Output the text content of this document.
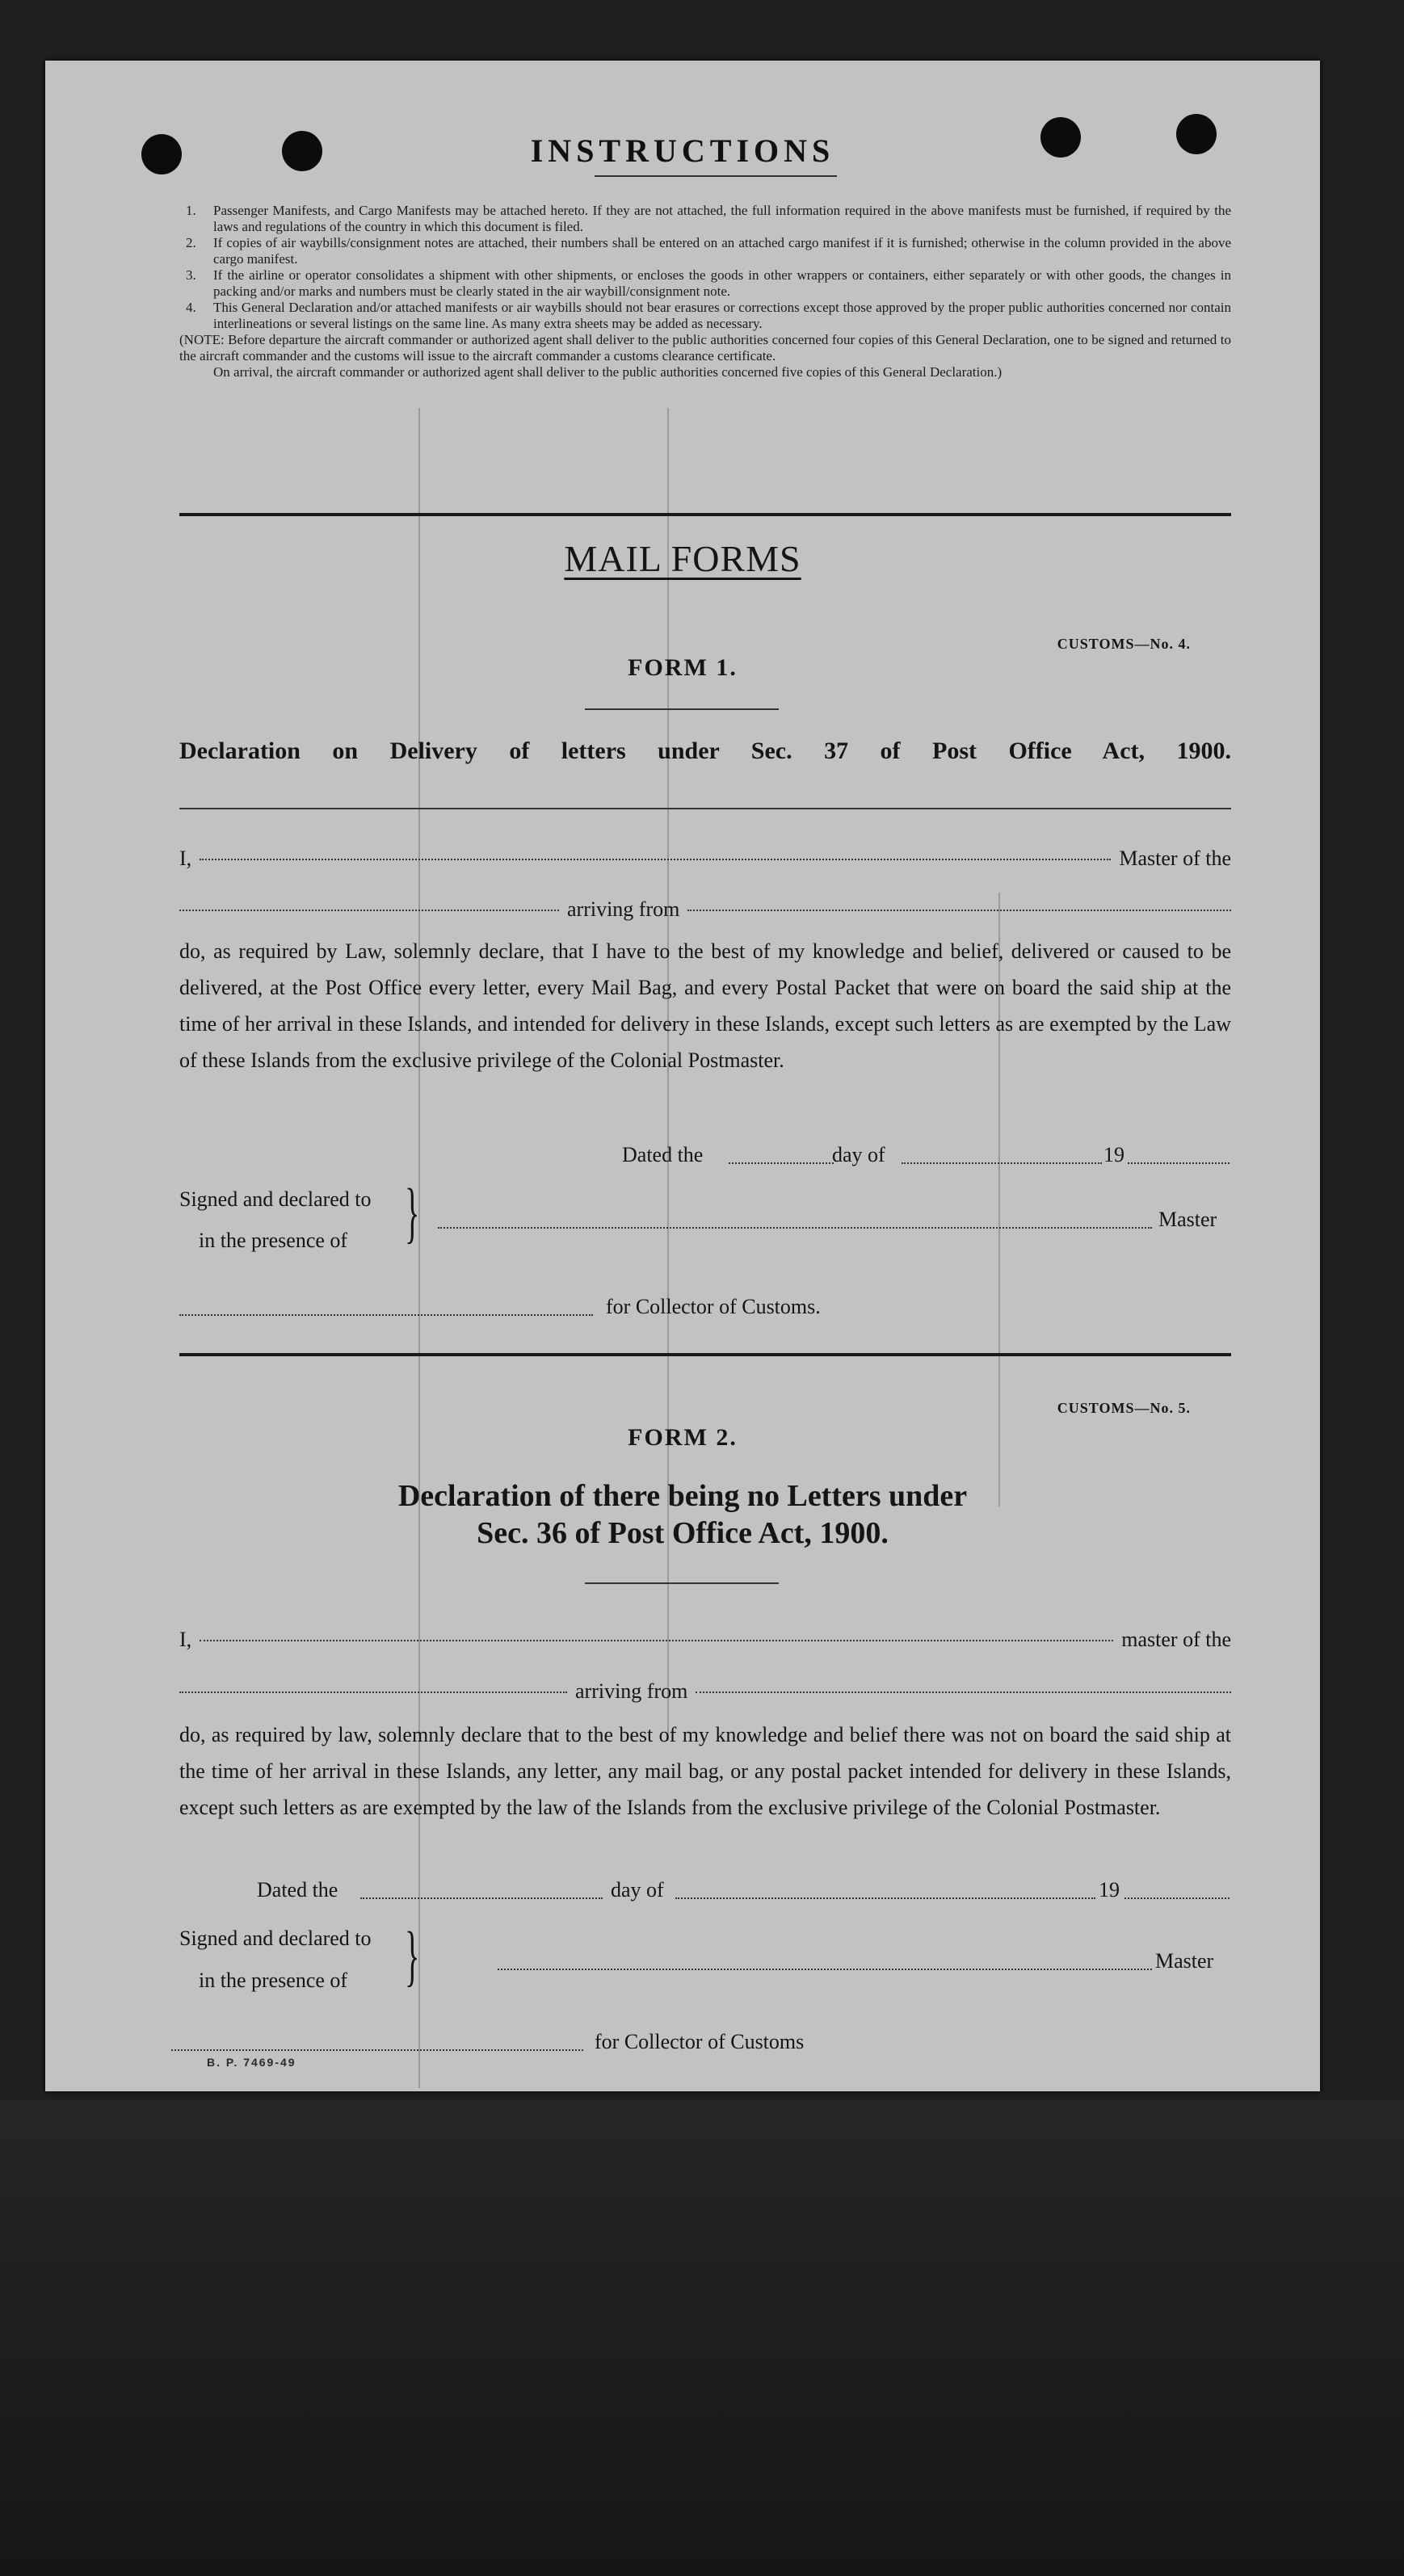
INSTRUCTIONS
1. Passenger Manifests, and Cargo Manifests may be attached hereto. If they are not attached, the full information required in the above manifests must be furnished, if required by the laws and regulations of the country in which this document is filed.
2. If copies of air waybills/consignment notes are attached, their numbers shall be entered on an attached cargo manifest if it is furnished; otherwise in the column provided in the above cargo manifest.
3. If the airline or operator consolidates a shipment with other shipments, or encloses the goods in other wrappers or containers, either separately or with other goods, the changes in packing and/or marks and numbers must be clearly stated in the air waybill/consignment note.
4. This General Declaration and/or attached manifests or air waybills should not bear erasures or corrections except those approved by the proper public authorities concerned nor contain interlineations or several listings on the same line. As many extra sheets may be added as necessary.
(NOTE: Before departure the aircraft commander or authorized agent shall deliver to the public authorities concerned four copies of this General Declaration, one to be signed and returned to the aircraft commander and the customs will issue to the aircraft commander a customs clearance certificate.
On arrival, the aircraft commander or authorized agent shall deliver to the public authorities concerned five copies of this General Declaration.)
MAIL FORMS
CUSTOMS—No. 4.
FORM 1.
Declaration on Delivery of letters under Sec. 37 of Post Office Act, 1900.
I,	Master of the
arriving from

do, as required by Law, solemnly declare, that I have to the best of my knowledge and belief, delivered or caused to be delivered, at the Post Office every letter, every Mail Bag, and every Postal Packet that were on board the said ship at the time of her arrival in these Islands, and intended for delivery in these Islands, except such letters as are exempted by the Law of these Islands from the exclusive privilege of the Colonial Postmaster.

Dated the	day of	19
Signed and declared to
in the presence of }	Master
for Collector of Customs.
CUSTOMS—No. 5.
FORM 2.
Declaration of there being no Letters under
Sec. 36 of Post Office Act, 1900.
I,	master of the
arriving from

do, as required by law, solemnly declare that to the best of my knowledge and belief there was not on board the said ship at the time of her arrival in these Islands, any letter, any mail bag, or any postal packet intended for delivery in these Islands, except such letters as are exempted by the law of the Islands from the exclusive privilege of the Colonial Postmaster.

Dated the	day of	19
Signed and declared to
in the presence of }	Master
for Collector of Customs
B. P. 7469-49
